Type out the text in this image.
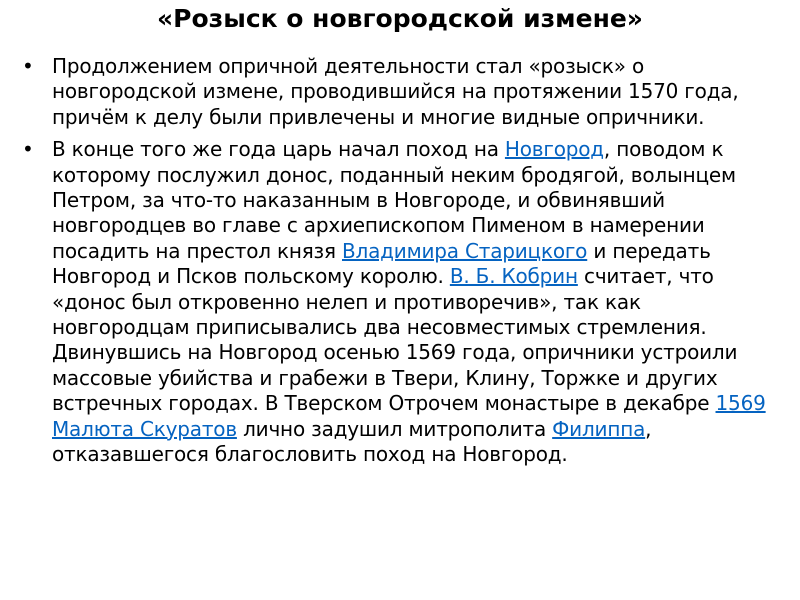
«Розыск о новгородской измене»
• Продолжением опричной деятельности стал «розыск» о новгородской измене, проводившийся на протяжении 1570 года, причём к делу были привлечены и многие видные опричники.
• В конце того же года царь начал поход на Новгород, поводом к которому послужил донос, поданный неким бродягой, волынцем Петром, за что-то наказанным в Новгороде, и обвинявший новгородцев во главе с архиепископом Пименом в намерении посадить на престол князя Владимира Старицкого и передать Новгород и Псков польскому королю. В. Б. Кобрин считает, что «донос был откровенно нелеп и противоречив», так как новгородцам приписывались два несовместимых стремления. Двинувшись на Новгород осенью 1569 года, опричники устроили массовые убийства и грабежи в Твери, Клину, Торжке и других встречных городах. В Тверском Отрочем монастыре в декабре 1569 Малюта Скуратов лично задушил митрополита Филиппа, отказавшегося благословить поход на Новгород.
